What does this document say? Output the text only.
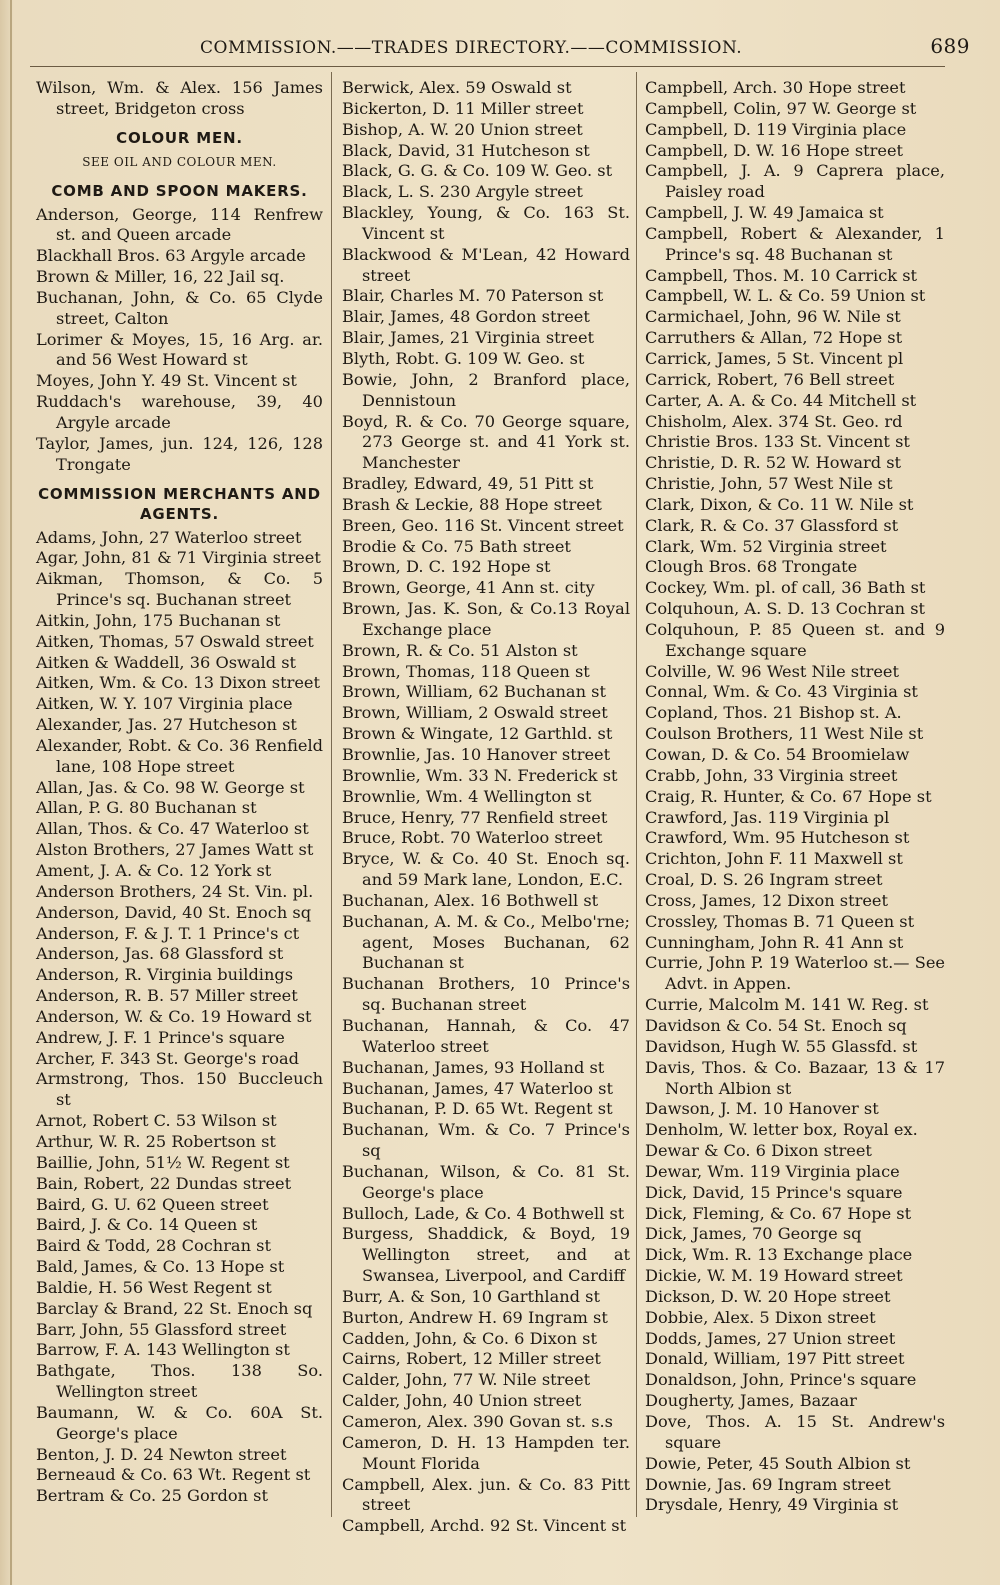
COMMISSION.——TRADES DIRECTORY.——COMMISSION.	689
Wilson, Wm. & Alex. 156 James street, Bridgeton cross
COLOUR MEN.
SEE OIL AND COLOUR MEN.
COMB AND SPOON MAKERS.
Anderson, George, 114 Renfrew st. and Queen arcade
Blackhall Bros. 63 Argyle arcade
Brown & Miller, 16, 22 Jail sq.
Buchanan, John, & Co. 65 Clyde street, Calton
Lorimer & Moyes, 15, 16 Arg. ar. and 56 West Howard st
Moyes, John Y. 49 St. Vincent st
Ruddach's warehouse, 39, 40 Argyle arcade
Taylor, James, jun. 124, 126, 128 Trongate
COMMISSION MERCHANTS AND AGENTS.
Adams, John, 27 Waterloo street
Agar, John, 81 & 71 Virginia street
Aikman, Thomson, & Co. 5 Prince's sq. Buchanan street
Aitkin, John, 175 Buchanan st
Aitken, Thomas, 57 Oswald street
Aitken & Waddell, 36 Oswald st
Aitken, Wm. & Co. 13 Dixon street
Aitken, W. Y. 107 Virginia place
Alexander, Jas. 27 Hutcheson st
Alexander, Robt. & Co. 36 Renfield lane, 108 Hope street
Allan, Jas. & Co. 98 W. George st
Allan, P. G. 80 Buchanan st
Allan, Thos. & Co. 47 Waterloo st
Alston Brothers, 27 James Watt st
Ament, J. A. & Co. 12 York st
Anderson Brothers, 24 St. Vin. pl.
Anderson, David, 40 St. Enoch sq
Anderson, F. & J. T. 1 Prince's ct
Anderson, Jas. 68 Glassford st
Anderson, R. Virginia buildings
Anderson, R. B. 57 Miller street
Anderson, W. & Co. 19 Howard st
Andrew, J. F. 1 Prince's square
Archer, F. 343 St. George's road
Armstrong, Thos. 150 Buccleuch st
Arnot, Robert C. 53 Wilson st
Arthur, W. R. 25 Robertson st
Baillie, John, 51½ W. Regent st
Bain, Robert, 22 Dundas street
Baird, G. U. 62 Queen street
Baird, J. & Co. 14 Queen st
Baird & Todd, 28 Cochran st
Bald, James, & Co. 13 Hope st
Baldie, H. 56 West Regent st
Barclay & Brand, 22 St. Enoch sq
Barr, John, 55 Glassford street
Barrow, F. A. 143 Wellington st
Bathgate, Thos. 138 So. Wellington street
Baumann, W. & Co. 60A St. George's place
Benton, J. D. 24 Newton street
Berneaud & Co. 63 Wt. Regent st
Bertram & Co. 25 Gordon st
Berwick, Alex. 59 Oswald st
Bickerton, D. 11 Miller street
Bishop, A. W. 20 Union street
Black, David, 31 Hutcheson st
Black, G. G. & Co. 109 W. Geo. st
Black, L. S. 230 Argyle street
Blackley, Young, & Co. 163 St. Vincent st
Blackwood & M'Lean, 42 Howard street
Blair, Charles M. 70 Paterson st
Blair, James, 48 Gordon street
Blair, James, 21 Virginia street
Blyth, Robt. G. 109 W. Geo. st
Bowie, John, 2 Branford place, Dennistoun
Boyd, R. & Co. 70 George square, 273 George st. and 41 York st. Manchester
Bradley, Edward, 49, 51 Pitt st
Brash & Leckie, 88 Hope street
Breen, Geo. 116 St. Vincent street
Brodie & Co. 75 Bath street
Brown, D. C. 192 Hope st
Brown, George, 41 Ann st. city
Brown, Jas. K. Son, & Co.13 Royal Exchange place
Brown, R. & Co. 51 Alston st
Brown, Thomas, 118 Queen st
Brown, William, 62 Buchanan st
Brown, William, 2 Oswald street
Brown & Wingate, 12 Garthld. st
Brownlie, Jas. 10 Hanover street
Brownlie, Wm. 33 N. Frederick st
Brownlie, Wm. 4 Wellington st
Bruce, Henry, 77 Renfield street
Bruce, Robt. 70 Waterloo street
Bryce, W. & Co. 40 St. Enoch sq. and 59 Mark lane, London, E.C.
Buchanan, Alex. 16 Bothwell st
Buchanan, A. M. & Co., Melbo'rne; agent, Moses Buchanan, 62 Buchanan st
Buchanan Brothers, 10 Prince's sq. Buchanan street
Buchanan, Hannah, & Co. 47 Waterloo street
Buchanan, James, 93 Holland st
Buchanan, James, 47 Waterloo st
Buchanan, P. D. 65 Wt. Regent st
Buchanan, Wm. & Co. 7 Prince's sq
Buchanan, Wilson, & Co. 81 St. George's place
Bulloch, Lade, & Co. 4 Bothwell st
Burgess, Shaddick, & Boyd, 19 Wellington street, and at Swansea, Liverpool, and Cardiff
Burr, A. & Son, 10 Garthland st
Burton, Andrew H. 69 Ingram st
Cadden, John, & Co. 6 Dixon st
Cairns, Robert, 12 Miller street
Calder, John, 77 W. Nile street
Calder, John, 40 Union street
Cameron, Alex. 390 Govan st. s.s
Cameron, D. H. 13 Hampden ter. Mount Florida
Campbell, Alex. jun. & Co. 83 Pitt street
Campbell, Archd. 92 St. Vincent st
Campbell, Arch. 30 Hope street
Campbell, Colin, 97 W. George st
Campbell, D. 119 Virginia place
Campbell, D. W. 16 Hope street
Campbell, J. A. 9 Caprera place, Paisley road
Campbell, J. W. 49 Jamaica st
Campbell, Robert & Alexander, 1 Prince's sq. 48 Buchanan st
Campbell, Thos. M. 10 Carrick st
Campbell, W. L. & Co. 59 Union st
Carmichael, John, 96 W. Nile st
Carruthers & Allan, 72 Hope st
Carrick, James, 5 St. Vincent pl
Carrick, Robert, 76 Bell street
Carter, A. A. & Co. 44 Mitchell st
Chisholm, Alex. 374 St. Geo. rd
Christie Bros. 133 St. Vincent st
Christie, D. R. 52 W. Howard st
Christie, John, 57 West Nile st
Clark, Dixon, & Co. 11 W. Nile st
Clark, R. & Co. 37 Glassford st
Clark, Wm. 52 Virginia street
Clough Bros. 68 Trongate
Cockey, Wm. pl. of call, 36 Bath st
Colquhoun, A. S. D. 13 Cochran st
Colquhoun, P. 85 Queen st. and 9 Exchange square
Colville, W. 96 West Nile street
Connal, Wm. & Co. 43 Virginia st
Copland, Thos. 21 Bishop st. A.
Coulson Brothers, 11 West Nile st
Cowan, D. & Co. 54 Broomielaw
Crabb, John, 33 Virginia street
Craig, R. Hunter, & Co. 67 Hope st
Crawford, Jas. 119 Virginia pl
Crawford, Wm. 95 Hutcheson st
Crichton, John F. 11 Maxwell st
Croal, D. S. 26 Ingram street
Cross, James, 12 Dixon street
Crossley, Thomas B. 71 Queen st
Cunningham, John R. 41 Ann st
Currie, John P. 19 Waterloo st.— See Advt. in Appen.
Currie, Malcolm M. 141 W. Reg. st
Davidson & Co. 54 St. Enoch sq
Davidson, Hugh W. 55 Glassfd. st
Davis, Thos. & Co. Bazaar, 13 & 17 North Albion st
Dawson, J. M. 10 Hanover st
Denholm, W. letter box, Royal ex.
Dewar & Co. 6 Dixon street
Dewar, Wm. 119 Virginia place
Dick, David, 15 Prince's square
Dick, Fleming, & Co. 67 Hope st
Dick, James, 70 George sq
Dick, Wm. R. 13 Exchange place
Dickie, W. M. 19 Howard street
Dickson, D. W. 20 Hope street
Dobbie, Alex. 5 Dixon street
Dodds, James, 27 Union street
Donald, William, 197 Pitt street
Donaldson, John, Prince's square
Dougherty, James, Bazaar
Dove, Thos. A. 15 St. Andrew's square
Dowie, Peter, 45 South Albion st
Downie, Jas. 69 Ingram street
Drysdale, Henry, 49 Virginia st
